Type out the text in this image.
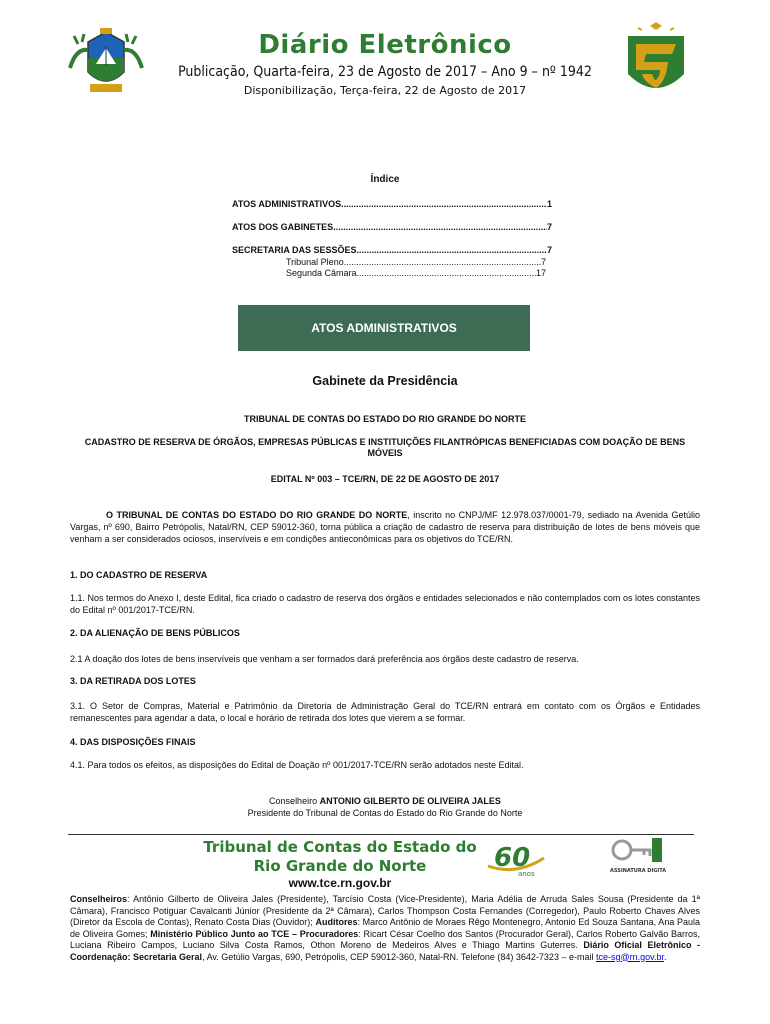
Diário Eletrônico
Publicação, Quarta-feira, 23 de Agosto de 2017 – Ano 9 – nº 1942
Disponibilização, Terça-feira, 22 de Agosto de 2017
Índice
ATOS ADMINISTRATIVOS .....	1
ATOS DOS GABINETES .....	7
SECRETARIA DAS SESSÕES .....	7
Tribunal Pleno .....	7
Segunda Câmara .....	17
ATOS ADMINISTRATIVOS
Gabinete da Presidência
TRIBUNAL DE CONTAS DO ESTADO DO RIO GRANDE DO NORTE
CADASTRO DE RESERVA DE ÓRGÃOS, EMPRESAS PÚBLICAS E INSTITUIÇÕES FILANTRÓPICAS BENEFICIADAS COM DOAÇÃO DE BENS MÓVEIS
EDITAL Nº 003 – TCE/RN, DE 22 DE AGOSTO DE 2017
O TRIBUNAL DE CONTAS DO ESTADO DO RIO GRANDE DO NORTE, inscrito no CNPJ/MF 12.978.037/0001-79, sediado na Avenida Getúlio Vargas, nº 690, Bairro Petrópolis, Natal/RN, CEP 59012-360, torna pública a criação de cadastro de reserva para distribuição de lotes de bens móveis que venham a ser considerados ociosos, inservíveis e em condições antieconômicas para os objetivos do TCE/RN.
1. DO CADASTRO DE RESERVA
1.1. Nos termos do Anexo I, deste Edital, fica criado o cadastro de reserva dos órgãos e entidades selecionados e não contemplados com os lotes constantes do Edital nº 001/2017-TCE/RN.
2. DA ALIENAÇÃO DE BENS PÚBLICOS
2.1 A doação dos lotes de bens inservíveis que venham a ser formados dará preferência aos órgãos deste cadastro de reserva.
3. DA RETIRADA DOS LOTES
3.1. O Setor de Compras, Material e Patrimônio da Diretoria de Administração Geral do TCE/RN entrará em contato com os Órgãos e Entidades remanescentes para agendar a data, o local e horário de retirada dos lotes que vierem a se formar.
4. DAS DISPOSIÇÕES FINAIS
4.1. Para todos os efeitos, as disposições do Edital de Doação nº 001/2017-TCE/RN serão adotados neste Edital.
Conselheiro ANTONIO GILBERTO DE OLIVEIRA JALES
Presidente do Tribunal de Contas do Estado do Rio Grande do Norte
Tribunal de Contas do Estado do
Rio Grande do Norte
www.tce.rn.gov.br
60
anos	ASSINATURA DIGITAL
Conselheiros: Antônio Gilberto de Oliveira Jales (Presidente), Tarcísio Costa (Vice-Presidente), Maria Adélia de Arruda Sales Sousa (Presidente da 1ª Câmara), Francisco Potiguar Cavalcanti Júnior (Presidente da 2ª Câmara), Carlos Thompson Costa Fernandes (Corregedor), Paulo Roberto Chaves Alves (Diretor da Escola de Contas), Renato Costa Dias (Ouvidor); Auditores: Marco Antônio de Moraes Rêgo Montenegro, Antonio Ed Souza Santana, Ana Paula de Oliveira Gomes; Ministério Público Junto ao TCE – Procuradores: Ricart César Coelho dos Santos (Procurador Geral), Carlos Roberto Galvão Barros, Luciana Ribeiro Campos, Luciano Silva Costa Ramos, Othon Moreno de Medeiros Alves e Thiago Martins Guterres. Diário Oficial Eletrônico - Coordenação: Secretaria Geral, Av. Getúlio Vargas, 690, Petrópolis, CEP 59012-360, Natal-RN. Telefone (84) 3642-7323 – e-mail tce-sg@rn.gov.br.
